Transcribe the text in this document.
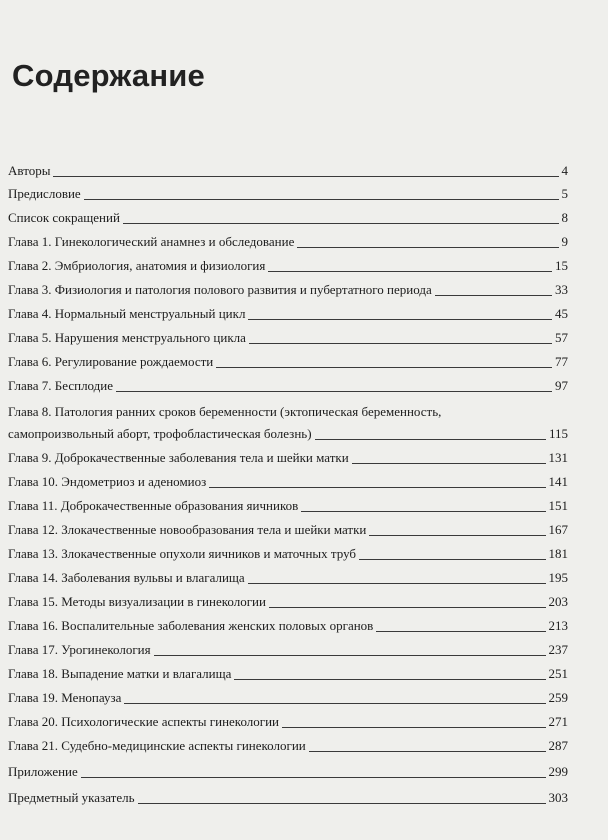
Содержание
Авторы	4
Предисловие	5
Список сокращений	8
Глава 1. Гинекологический анамнез и обследование	9
Глава 2. Эмбриология, анатомия и физиология	15
Глава 3. Физиология и патология полового развития и пубертатного периода	33
Глава 4. Нормальный менструальный цикл	45
Глава 5. Нарушения менструального цикла	57
Глава 6. Регулирование рождаемости	77
Глава 7. Бесплодие	97
Глава 8. Патология ранних сроков беременности (эктопическая беременность,
самопроизвольный аборт, трофобластическая болезнь)	115
Глава 9. Доброкачественные заболевания тела и шейки матки	131
Глава 10. Эндометриоз и аденомиоз	141
Глава 11. Доброкачественные образования яичников	151
Глава 12. Злокачественные новообразования тела и шейки матки	167
Глава 13. Злокачественные опухоли яичников и маточных труб	181
Глава 14. Заболевания вульвы и влагалища	195
Глава 15. Методы визуализации в гинекологии	203
Глава 16. Воспалительные заболевания женских половых органов	213
Глава 17. Урогинекология	237
Глава 18. Выпадение матки и влагалища	251
Глава 19. Менопауза	259
Глава 20. Психологические аспекты гинекологии	271
Глава 21. Судебно-медицинские аспекты гинекологии	287
Приложение	299
Предметный указатель	303
